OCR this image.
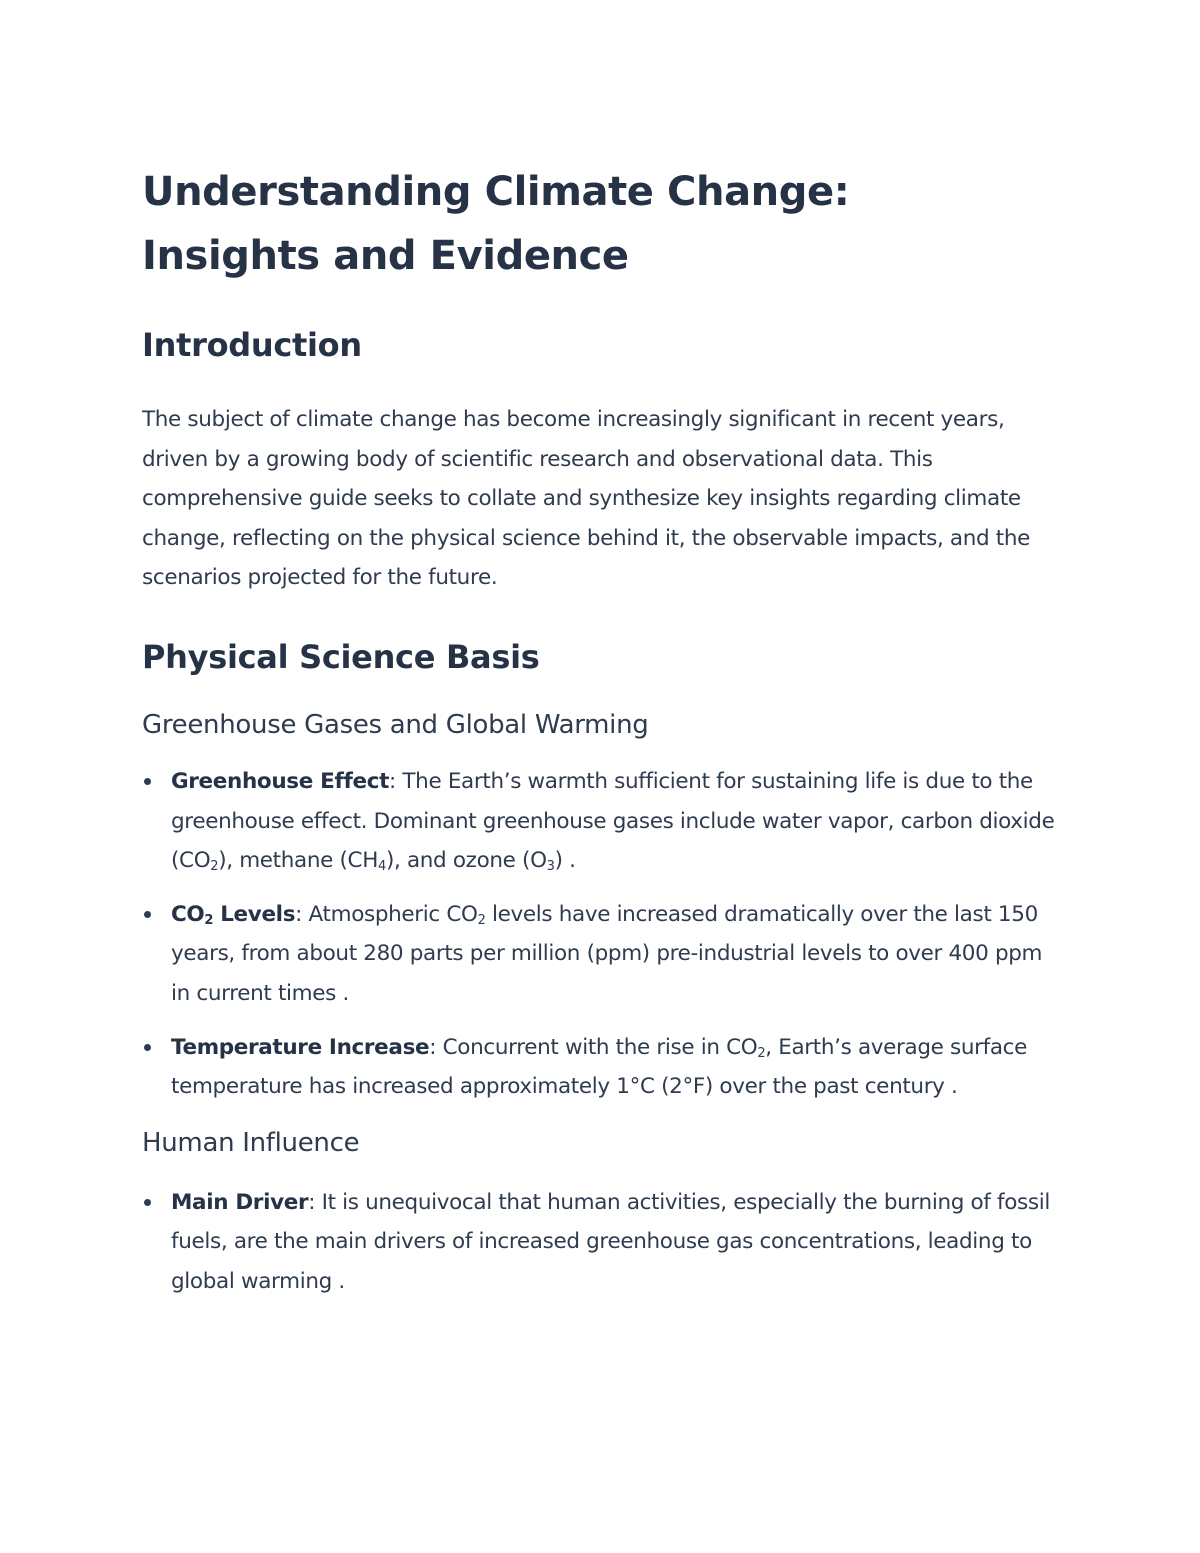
Understanding Climate Change:
Insights and Evidence
Introduction

The subject of climate change has become increasingly significant in recent years, driven by a growing body of scientific research and observational data. This comprehensive guide seeks to collate and synthesize key insights regarding climate change, reflecting on the physical science behind it, the observable impacts, and the scenarios projected for the future.

Physical Science Basis
Greenhouse Gases and Global Warming
Greenhouse Effect: The Earth’s warmth sufficient for sustaining life is due to the greenhouse effect. Dominant greenhouse gases include water vapor, carbon dioxide $(CO_2)$, methane $(CH_4)$, and ozone $(O_3)$ .
$CO_2$ Levels: Atmospheric $CO_2$ levels have increased dramatically over the last 150 years, from about 280 parts per million (ppm) pre-industrial levels to over 400 ppm in current times .
Temperature Increase: Concurrent with the rise in $CO_2$, Earth’s average surface temperature has increased approximately 1°C (2°F) over the past century .
Human Influence
Main Driver: It is unequivocal that human activities, especially the burning of fossil fuels, are the main drivers of increased greenhouse gas concentrations, leading to global warming .
